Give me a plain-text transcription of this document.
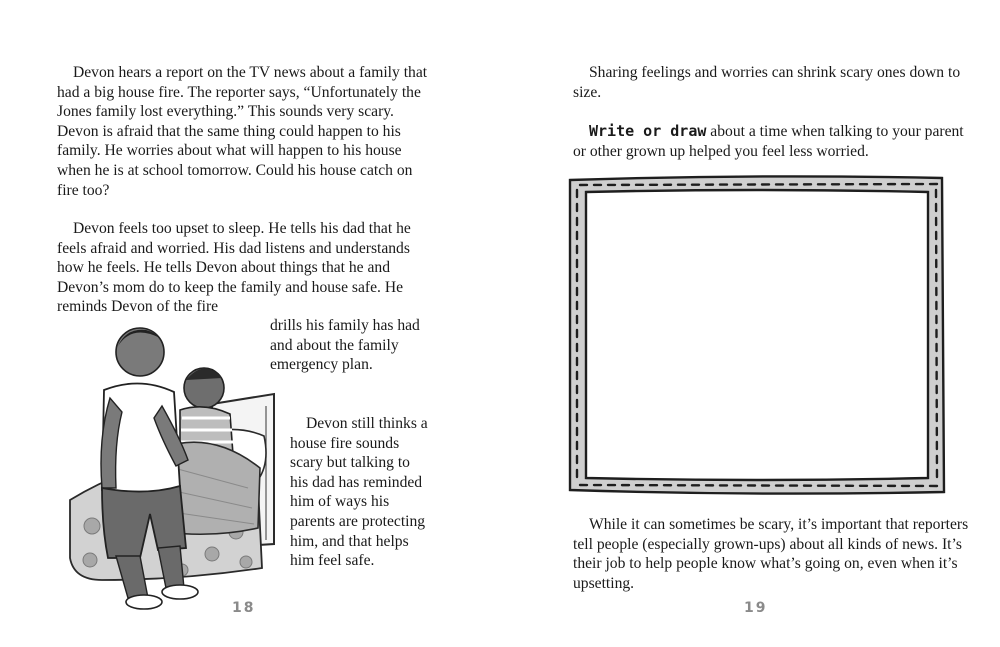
Devon hears a report on the TV news about a family that had a big house fire. The reporter says, “Unfortunately the Jones family lost everything.” This sounds very scary. Devon is afraid that the same thing could happen to his family. He worries about what will happen to his house when he is at school tomorrow. Could his house catch on fire too?

Devon feels too upset to sleep. He tells his dad that he feels afraid and worried. His dad listens and understands how he feels. He tells Devon about things that he and Devon’s mom do to keep the family and house safe. He reminds Devon of the fire

drills his family has had and about the family emergency plan.

Devon still thinks a house fire sounds scary but talking to his dad has reminded him of ways his parents are protecting him, and that helps him feel safe.

18

Sharing feelings and worries can shrink scary ones down to size.

Write or draw about a time when talking to your parent or other grown up helped you feel less worried.

While it can sometimes be scary, it’s important that reporters tell people (especially grown-ups) about all kinds of news. It’s their job to help people know what’s going on, even when it’s upsetting.

19
